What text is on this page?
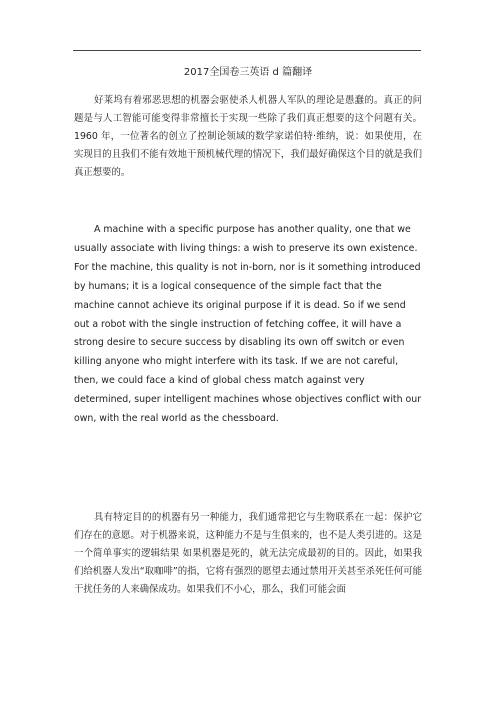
2017全国卷三英语 d 篇翻译

好莱坞有着邪恶思想的机器会驱使杀人机器人军队的理论是愚蠢的。真正的问题是与人工智能可能变得非常擅长于实现一些除了我们真正想要的这个问题有关。1960 年，一位著名的创立了控制论领域的数学家诺伯特·维纳，说：如果使用，在实现目的且我们不能有效地干预机械代理的情况下，我们最好确保这个目的就是我们真正想要的。

A machine with a specific purpose has another quality, one that we usually associate with living things: a wish to preserve its own existence. For the machine, this quality is not in-born, nor is it something introduced by humans; it is a logical consequence of the simple fact that the machine cannot achieve its original purpose if it is dead. So if we send out a robot with the single instruction of fetching coffee, it will have a strong desire to secure success by disabling its own off switch or even killing anyone who might interfere with its task. If we are not careful, then, we could face a kind of global chess match against very determined, super intelligent machines whose objectives conflict with our own, with the real world as the chessboard.

具有特定目的的机器有另一种能力，我们通常把它与生物联系在一起：保护它们存在的意愿。对于机器来说，这种能力不是与生俱来的，也不是人类引进的。这是一个简单事实的逻辑结果 如果机器是死的，就无法完成最初的目的。因此，如果我们给机器人发出“取咖啡”的指，它将有强烈的愿望去通过禁用开关甚至杀死任何可能干扰任务的人来确保成功。如果我们不小心，那么，我们可能会面
